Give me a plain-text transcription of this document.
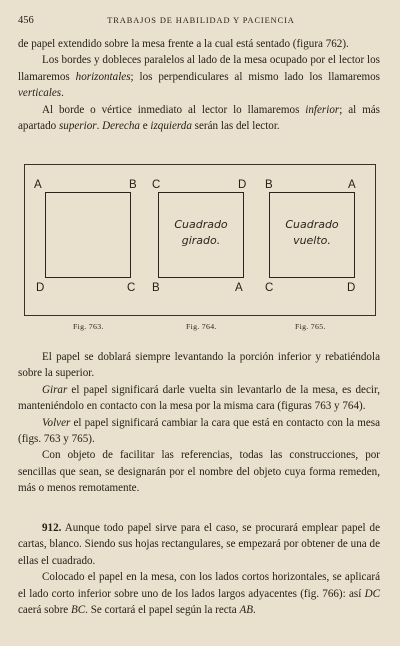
456	TRABAJOS DE HABILIDAD Y PACIENCIA

de papel extendido sobre la mesa frente a la cual está sentado (figura 762).

Los bordes y dobleces paralelos al lado de la mesa ocupado por el lector los llamaremos horizontales; los perpendiculares al mismo lado los llamaremos verticales.

Al borde o vértice inmediato al lector lo llamaremos inferior; al más apartado superior. Derecha e izquierda serán las del lector.

A	B
D	C
Cuadrado
girado.
C	D
B	A
Cuadrado
vuelto.
B	A
C	D
Fig. 763.	Fig. 764.	Fig. 765.

El papel se doblará siempre levantando la porción inferior y rebatiéndola sobre la superior.

Girar el papel significará darle vuelta sin levantarlo de la mesa, es decir, manteniéndolo en contacto con la mesa por la misma cara (figuras 763 y 764).

Volver el papel significará cambiar la cara que está en contacto con la mesa (figs. 763 y 765).

Con objeto de facilitar las referencias, todas las construcciones, por sencillas que sean, se designarán por el nombre del objeto cuya forma remeden, más o menos remotamente.

912. Aunque todo papel sirve para el caso, se procurará emplear papel de cartas, blanco. Siendo sus hojas rectangulares, se empezará por obtener de una de ellas el cuadrado.

Colocado el papel en la mesa, con los lados cortos horizontales, se aplicará el lado corto inferior sobre uno de los lados largos adyacentes (fig. 766): así DC caerá sobre BC. Se cortará el papel según la recta AB.
